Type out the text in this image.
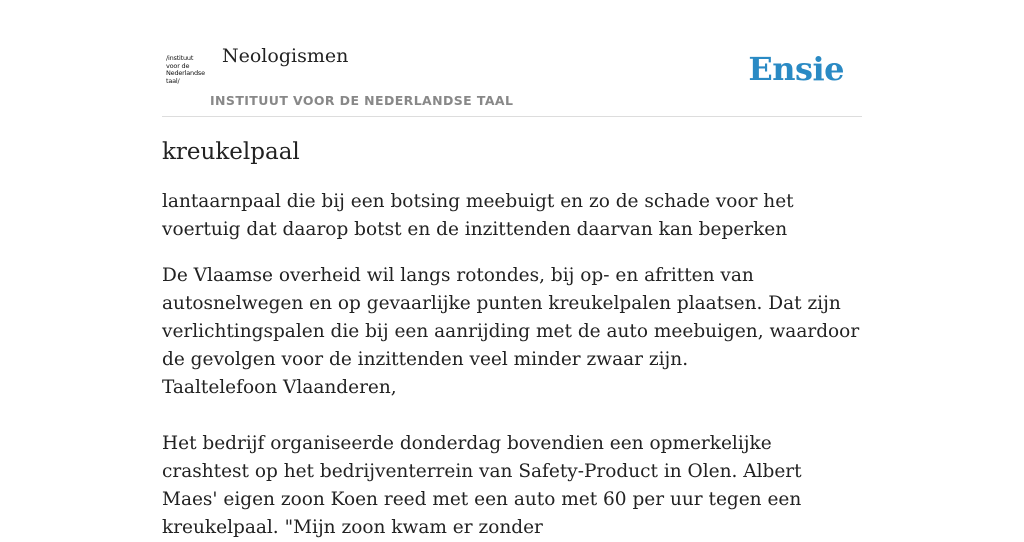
/instituut
voor de
Nederlandse
taal/
Neologismen
INSTITUUT VOOR DE NEDERLANDSE TAAL
Ensie
kreukelpaal

lantaarnpaal die bij een botsing meebuigt en zo de schade voor het voertuig dat daarop botst en de inzittenden daarvan kan beperken

De Vlaamse overheid wil langs rotondes, bij op- en afritten van autosnelwegen en op gevaarlijke punten kreukelpalen plaatsen. Dat zijn verlichtingspalen die bij een aanrijding met de auto meebuigen, waardoor de gevolgen voor de inzittenden veel minder zwaar zijn.

Taaltelefoon Vlaanderen,

Het bedrijf organiseerde donderdag bovendien een opmerkelijke crashtest op het bedrijventerrein van Safety-Product in Olen. Albert Maes' eigen zoon Koen reed met een auto met 60 per uur tegen een kreukelpaal. "Mijn zoon kwam er zonder
